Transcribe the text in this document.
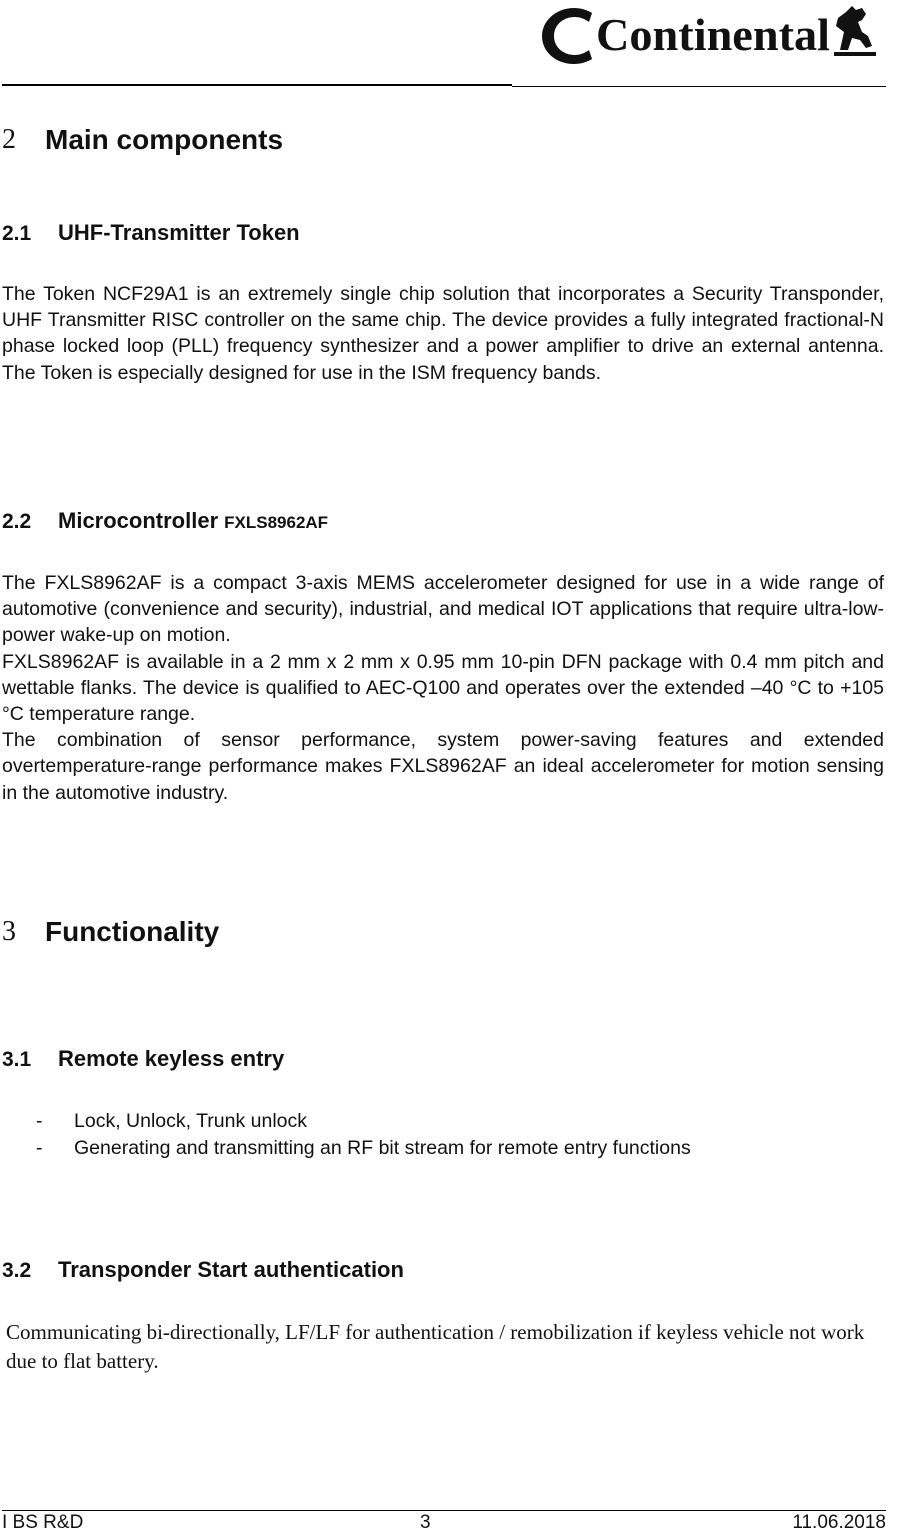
Continental
2	Main components
2.1	UHF-Transmitter Token

The Token NCF29A1 is an extremely single chip solution that incorporates a Security Transponder, UHF Transmitter RISC controller on the same chip. The device provides a fully integrated fractional-N phase locked loop (PLL) frequency synthesizer and a power amplifier to drive an external antenna. The Token is especially designed for use in the ISM frequency bands.

2.2	Microcontroller FXLS8962AF

The FXLS8962AF is a compact 3-axis MEMS accelerometer designed for use in a wide range of automotive (convenience and security), industrial, and medical IOT applications that require ultra-low-power wake-up on motion.

FXLS8962AF is available in a 2 mm x 2 mm x 0.95 mm 10-pin DFN package with 0.4 mm pitch and wettable flanks. The device is qualified to AEC-Q100 and operates over the extended –40 °C to +105 °C temperature range.

The combination of sensor performance, system power-saving features and extended overtemperature-range performance makes FXLS8962AF an ideal accelerometer for motion sensing in the automotive industry.

3	Functionality
3.1	Remote keyless entry
-	Lock, Unlock, Trunk unlock
-	Generating and transmitting an RF bit stream for remote entry functions
3.2	Transponder Start authentication

Communicating bi-directionally, LF/LF for authentication / remobilization if keyless vehicle not work due to flat battery.

I BS R&D	3	11.06.2018
